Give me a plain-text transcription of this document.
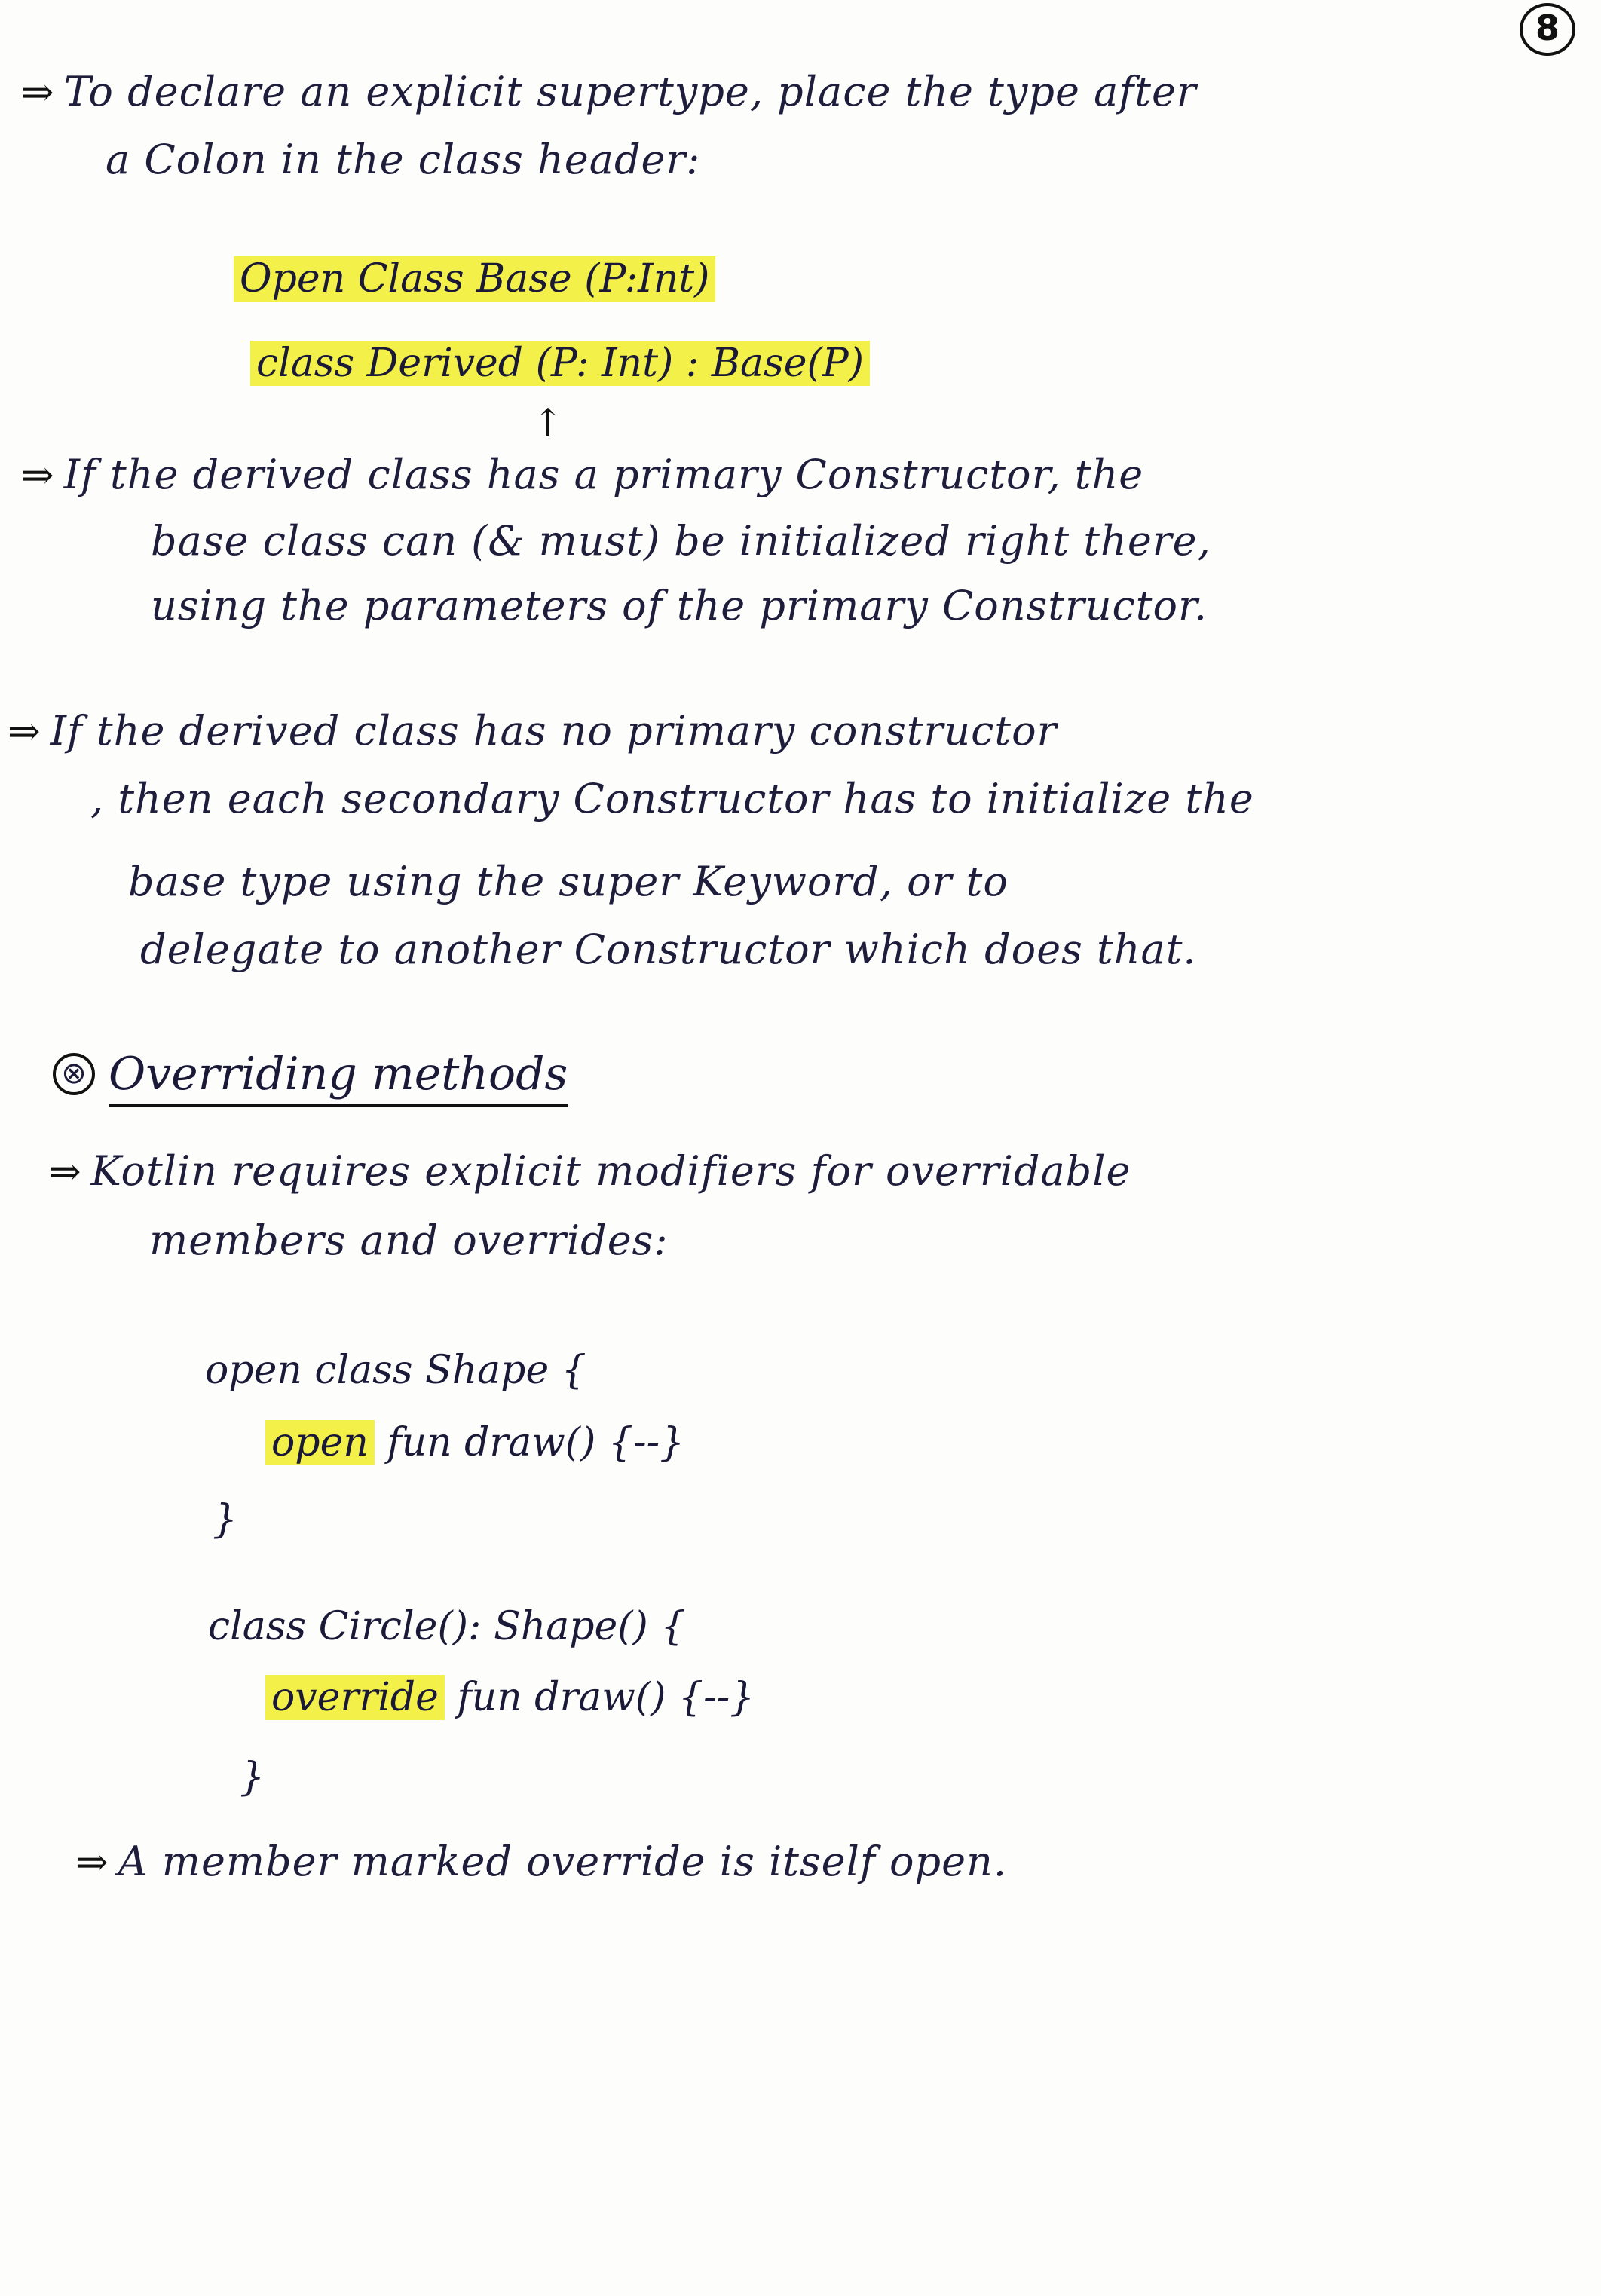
8
⇒ To declare an explicit supertype, place the type after
a Colon in the class header:
Open Class Base (P:Int)
class Derived (P: Int) : Base(P)
↑
⇒ If the derived class has a primary Constructor, the
base class can (& must) be initialized right there,
using the parameters of the primary Constructor.
⇒ If the derived class has no primary constructor
, then each secondary Constructor has to initialize the
base type using the super Keyword, or to
delegate to another Constructor which does that.
⊗ Overriding methods
⇒ Kotlin requires explicit modifiers for overridable
members and overrides:
open class Shape {
open fun draw() {--}
}
class Circle(): Shape() {
override fun draw() {--}
}
⇒ A member marked override is itself open.
